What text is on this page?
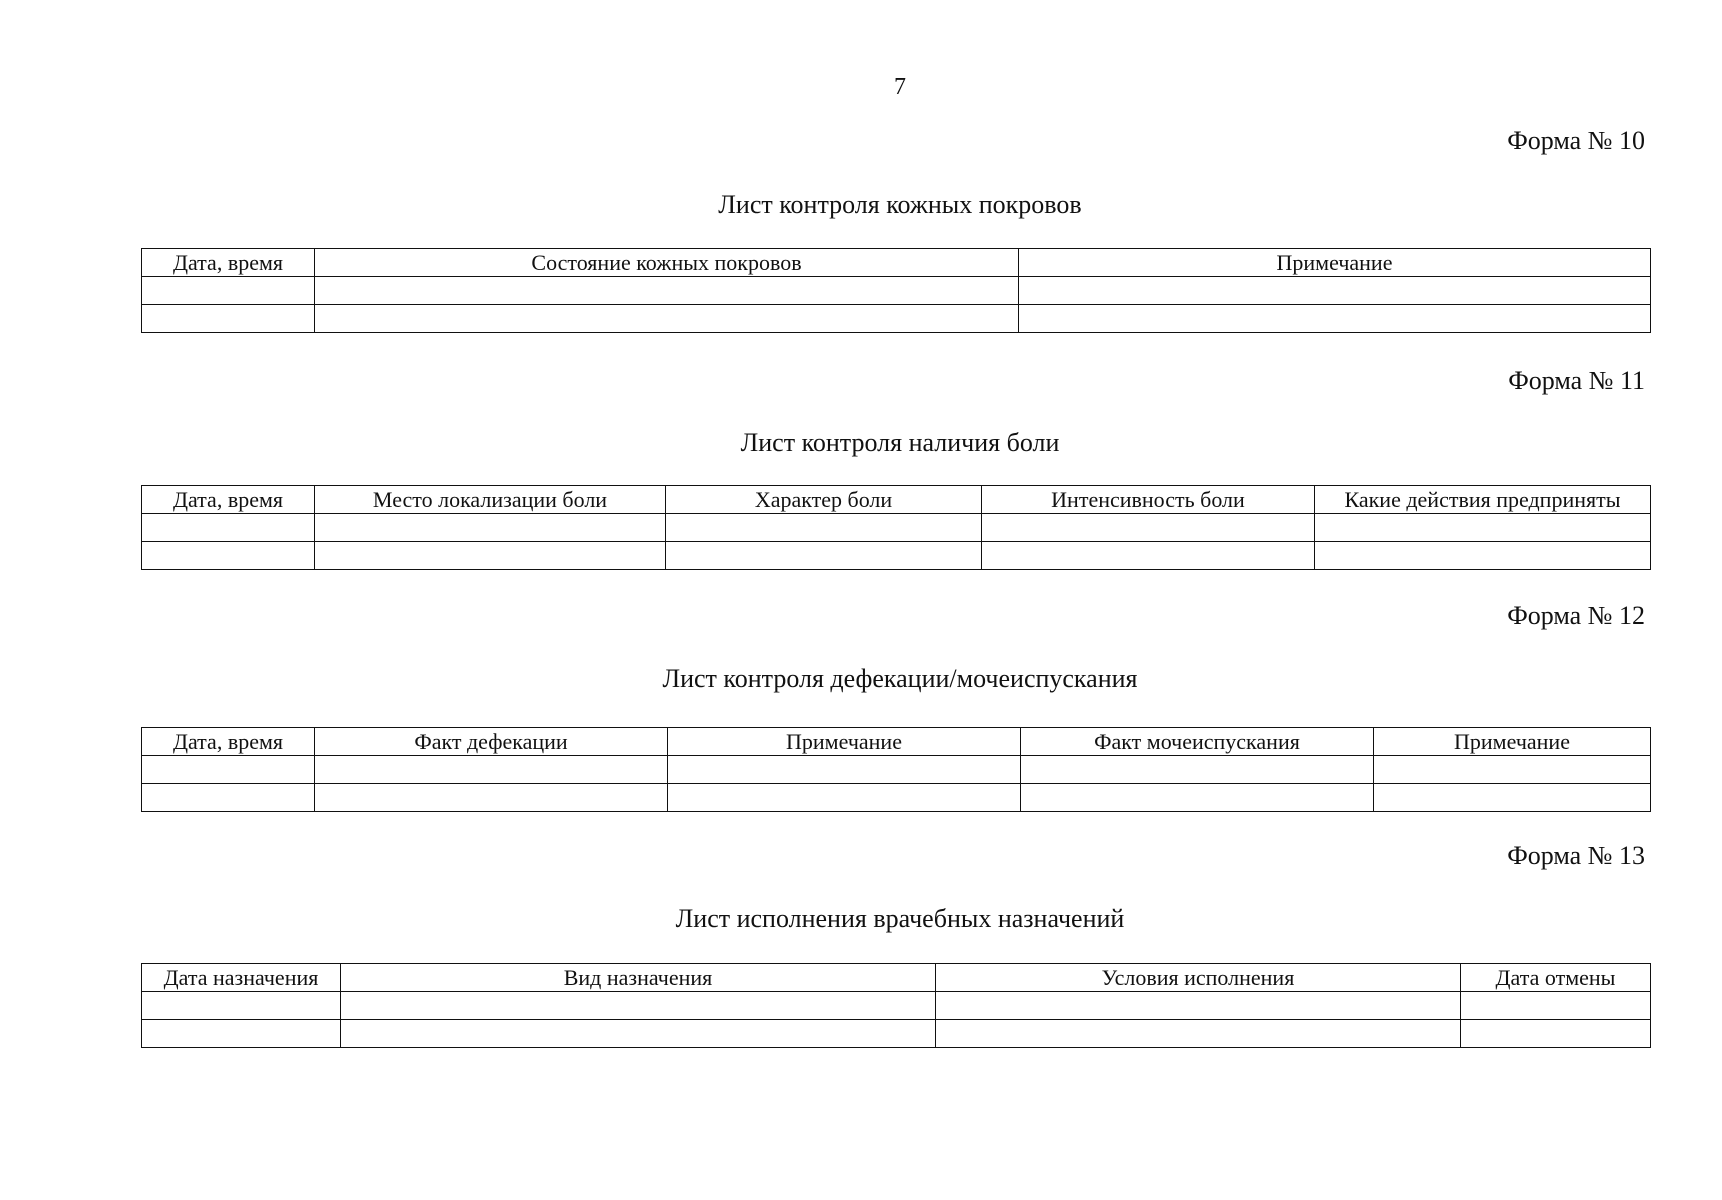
7
Форма № 10
Лист контроля кожных покровов
Дата, время	Состояние кожных покровов	Примечание

Форма № 11
Лист контроля наличия боли
Дата, время	Место локализации боли	Характер боли	Интенсивность боли	Какие действия предприняты

Форма № 12
Лист контроля дефекации/мочеиспускания
Дата, время	Факт дефекации	Примечание	Факт мочеиспускания	Примечание

Форма № 13
Лист исполнения врачебных назначений
Дата назначения	Вид назначения	Условия исполнения	Дата отмены
